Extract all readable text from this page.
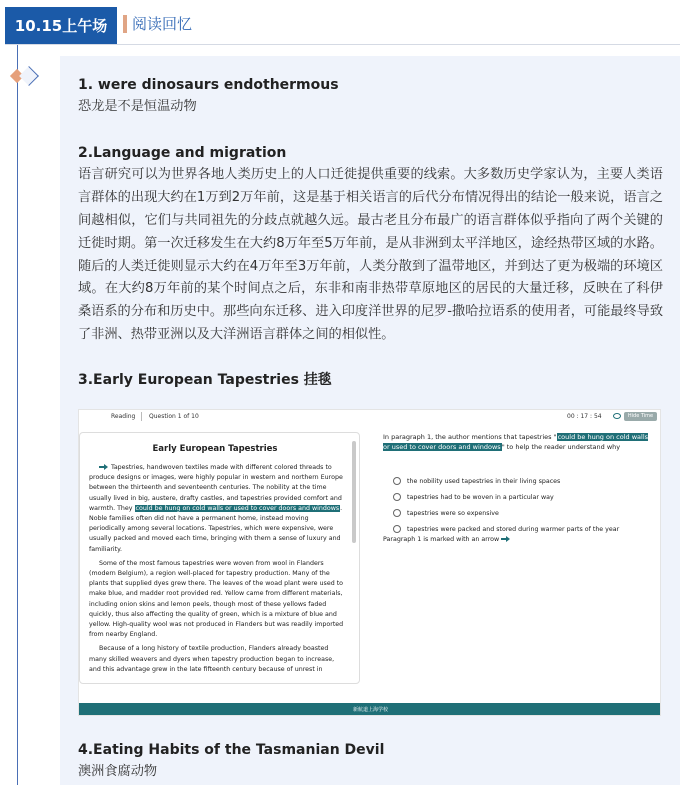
10.15上午场	阅读回忆
1. were dinosaurs endothermous
恐龙是不是恒温动物
2.Language and migration
语言研究可以为世界各地人类历史上的人口迁徙提供重要的线索。大多数历史学家认为，主要人类语言群体的出现大约在1万到2万年前，这是基于相关语言的后代分布情况得出的结论一般来说，语言之间越相似，它们与共同祖先的分歧点就越久远。最古老且分布最广的语言群体似乎指向了两个关键的迁徙时期。第一次迁移发生在大约8万年至5万年前，是从非洲到太平洋地区，途经热带区域的水路。随后的人类迁徙则显示大约在4万年至3万年前，人类分散到了温带地区，并到达了更为极端的环境区域。在大约8万年前的某个时间点之后，东非和南非热带草原地区的居民的大量迁移，反映在了科伊桑语系的分布和历史中。那些向东迁移、进入印度洋世界的尼罗-撒哈拉语系的使用者，可能最终导致了非洲、热带亚洲以及大洋洲语言群体之间的相似性。
3.Early European Tapestries 挂毯
Reading Question 1 of 10	00 : 17 : 54	Hide Time
Early European Tapestries

Tapestries, handwoven textiles made with different colored threads to produce designs or images, were highly popular in western and northern Europe between the thirteenth and seventeenth centuries. The nobility at the time usually lived in big, austere, drafty castles, and tapestries provided comfort and warmth. They could be hung on cold walls or used to cover doors and windows. Noble families often did not have a permanent home, instead moving periodically among several locations. Tapestries, which were expensive, were usually packed and moved each time, bringing with them a sense of luxury and familiarity.

Some of the most famous tapestries were woven from wool in Flanders (modern Belgium), a region well-placed for tapestry production. Many of the plants that supplied dyes grew there. The leaves of the woad plant were used to make blue, and madder root provided red. Yellow came from different materials, including onion skins and lemon peels, though most of these yellows faded quickly, thus also affecting the quality of green, which is a mixture of blue and yellow. High-quality wool was not produced in Flanders but was readily imported from nearby England.

Because of a long history of textile production, Flanders already boasted many skilled weavers and dyers when tapestry production began to increase, and this advantage grew in the late fifteenth century because of unrest in

In paragraph 1, the author mentions that tapestries "could be hung on cold walls or used to cover doors and windows" to help the reader understand why
the nobility used tapestries in their living spaces
tapestries had to be woven in a particular way
tapestries were so expensive
tapestries were packed and stored during warmer parts of the year
Paragraph 1 is marked with an arrow
新航道上海学校
4.Eating Habits of the Tasmanian Devil
澳洲食腐动物
